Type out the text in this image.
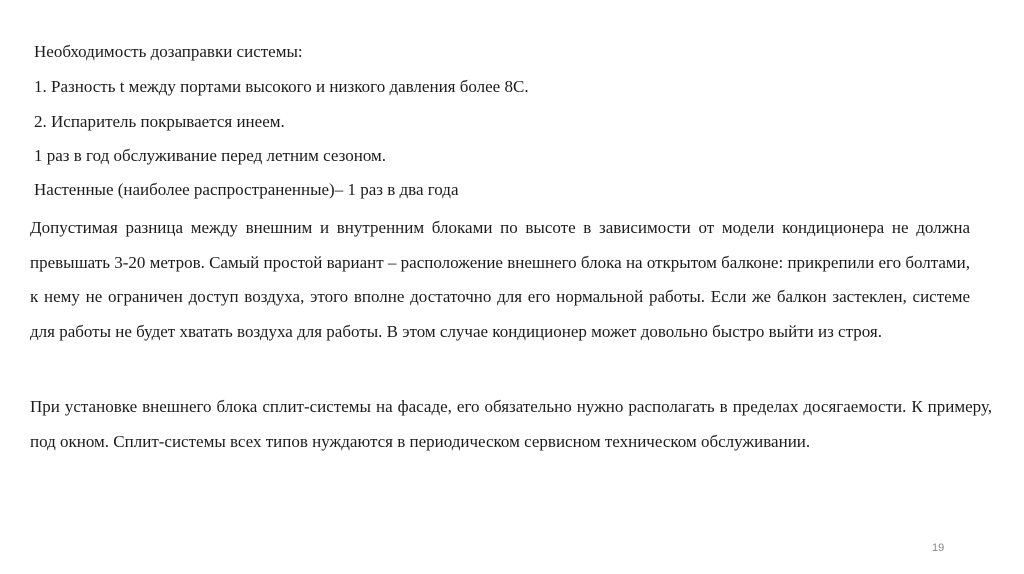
Необходимость дозаправки системы:
1. Разность t между портами высокого и низкого давления более 8С.
2. Испаритель покрывается инеем.
1 раз в год обслуживание перед летним сезоном.
Настенные (наиболее распространенные)– 1 раз в два года

Допустимая разница между внешним и внутренним блоками по высоте в зависимости от модели кондиционера не должна превышать 3-20 метров. Самый простой вариант – расположение внешнего блока на открытом балконе: прикрепили его болтами, к нему не ограничен доступ воздуха, этого вполне достаточно для его нормальной работы. Если же балкон застеклен, системе для работы не будет хватать воздуха для работы. В этом случае кондиционер может довольно быстро выйти из строя.

При установке внешнего блока сплит-системы на фасаде, его обязательно нужно располагать в пределах досягаемости. К примеру, под окном. Сплит-системы всех типов нуждаются в периодическом сервисном техническом обслуживании.

19
